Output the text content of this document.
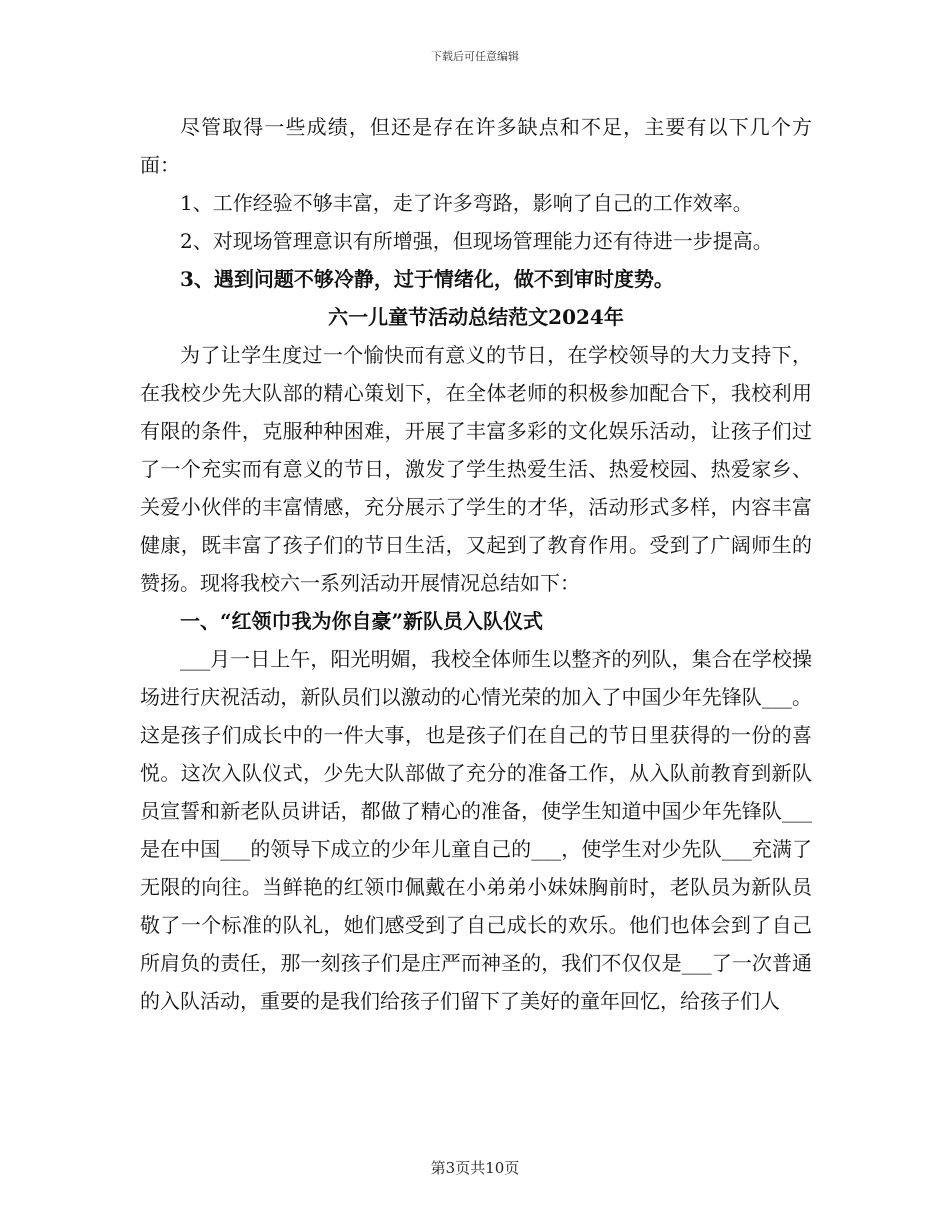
下载后可任意编辑

尽管取得一些成绩，但还是存在许多缺点和不足，主要有以下几个方面：

1、工作经验不够丰富，走了许多弯路，影响了自己的工作效率。

2、对现场管理意识有所增强，但现场管理能力还有待进一步提高。

3、遇到问题不够冷静，过于情绪化，做不到审时度势。

六一儿童节活动总结范文2024年

为了让学生度过一个愉快而有意义的节日，在学校领导的大力支持下，在我校少先大队部的精心策划下，在全体老师的积极参加配合下，我校利用有限的条件，克服种种困难，开展了丰富多彩的文化娱乐活动，让孩子们过了一个充实而有意义的节日，激发了学生热爱生活、热爱校园、热爱家乡、关爱小伙伴的丰富情感，充分展示了学生的才华，活动形式多样，内容丰富健康，既丰富了孩子们的节日生活，又起到了教育作用。受到了广阔师生的赞扬。现将我校六一系列活动开展情况总结如下：

一、“红领巾我为你自豪”新队员入队仪式

___月一日上午，阳光明媚，我校全体师生以整齐的列队，集合在学校操场进行庆祝活动，新队员们以激动的心情光荣的加入了中国少年先锋队___。这是孩子们成长中的一件大事，也是孩子们在自己的节日里获得的一份的喜悦。这次入队仪式，少先大队部做了充分的准备工作，从入队前教育到新队员宣誓和新老队员讲话，都做了精心的准备，使学生知道中国少年先锋队___是在中国___的领导下成立的少年儿童自己的___，使学生对少先队___充满了无限的向往。当鲜艳的红领巾佩戴在小弟弟小妹妹胸前时，老队员为新队员敬了一个标准的队礼，她们感受到了自己成长的欢乐。他们也体会到了自己所肩负的责任，那一刻孩子们是庄严而神圣的，我们不仅仅是___了一次普通的入队活动，重要的是我们给孩子们留下了美好的童年回忆，给孩子们人

第3页共10页
